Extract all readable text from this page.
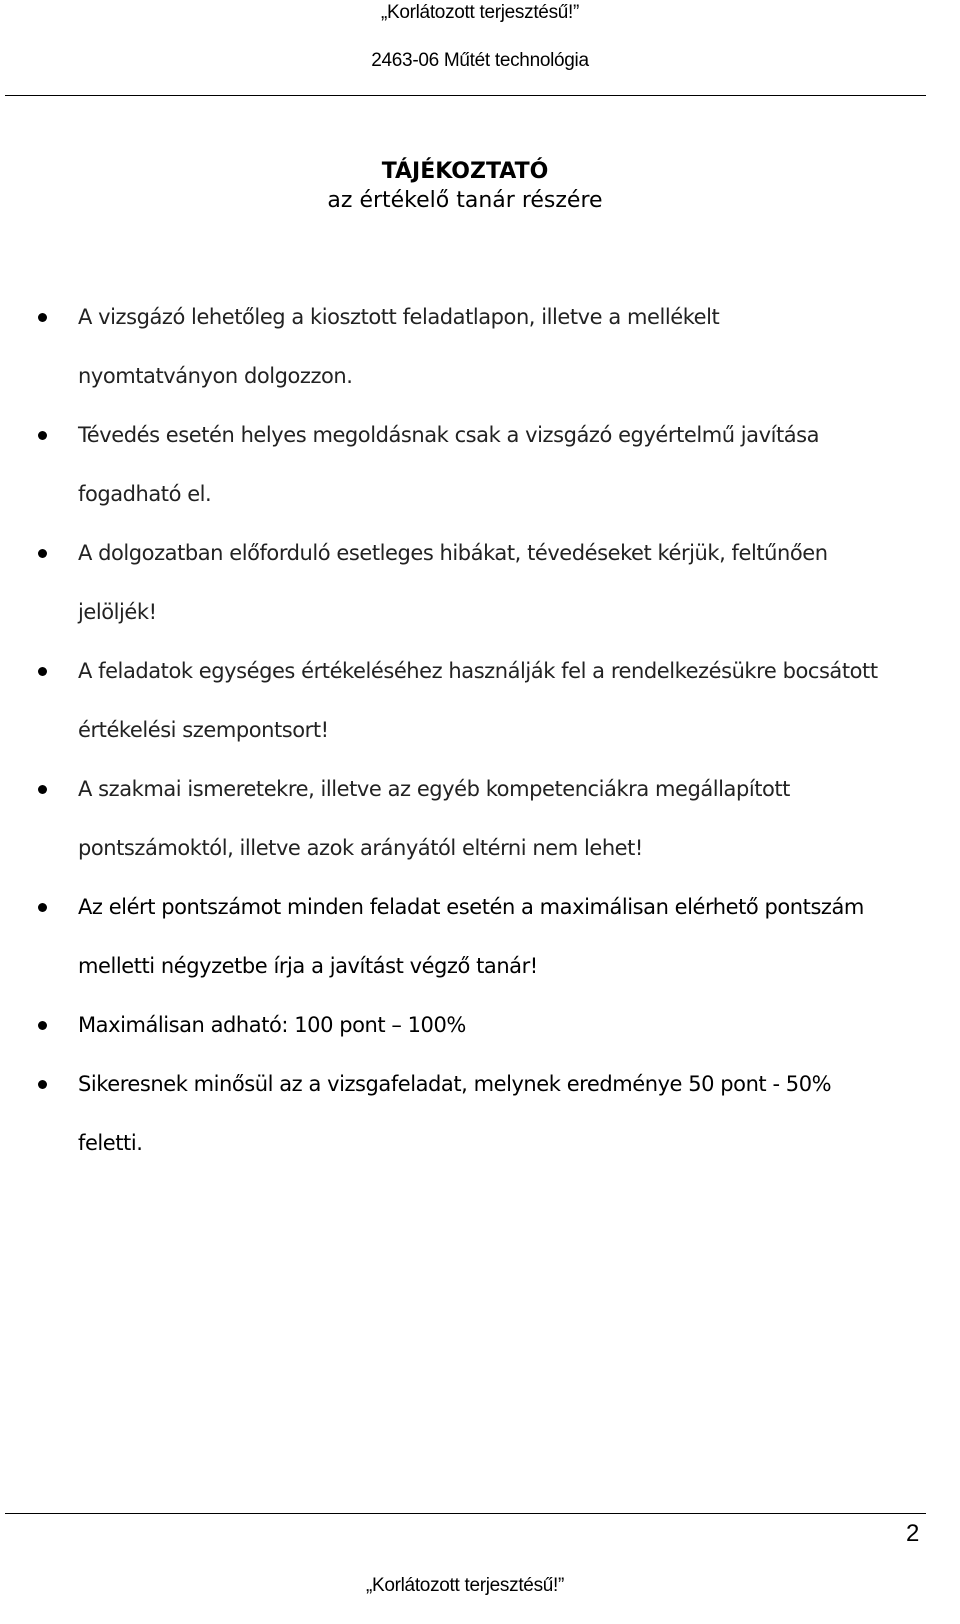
„Korlátozott terjesztésű!”
2463-06 Műtét technológia
TÁJÉKOZTATÓ

az értékelő tanár részére

A vizsgázó lehetőleg a kiosztott feladatlapon, illetve a mellékelt
nyomtatványon dolgozzon.
Tévedés esetén helyes megoldásnak csak a vizsgázó egyértelmű javítása
fogadható el.
A dolgozatban előforduló esetleges hibákat, tévedéseket kérjük, feltűnően
jelöljék!
A feladatok egységes értékeléséhez használják fel a rendelkezésükre bocsátott
értékelési szempontsort!
A szakmai ismeretekre, illetve az egyéb kompetenciákra megállapított
pontszámoktól, illetve azok arányától eltérni nem lehet!
Az elért pontszámot minden feladat esetén a maximálisan elérhető pontszám
melletti négyzetbe írja a javítást végző tanár!
Maximálisan adható: 100 pont – 100%
Sikeresnek minősül az a vizsgafeladat, melynek eredménye 50 pont - 50%
feletti.
2
„Korlátozott terjesztésű!”
